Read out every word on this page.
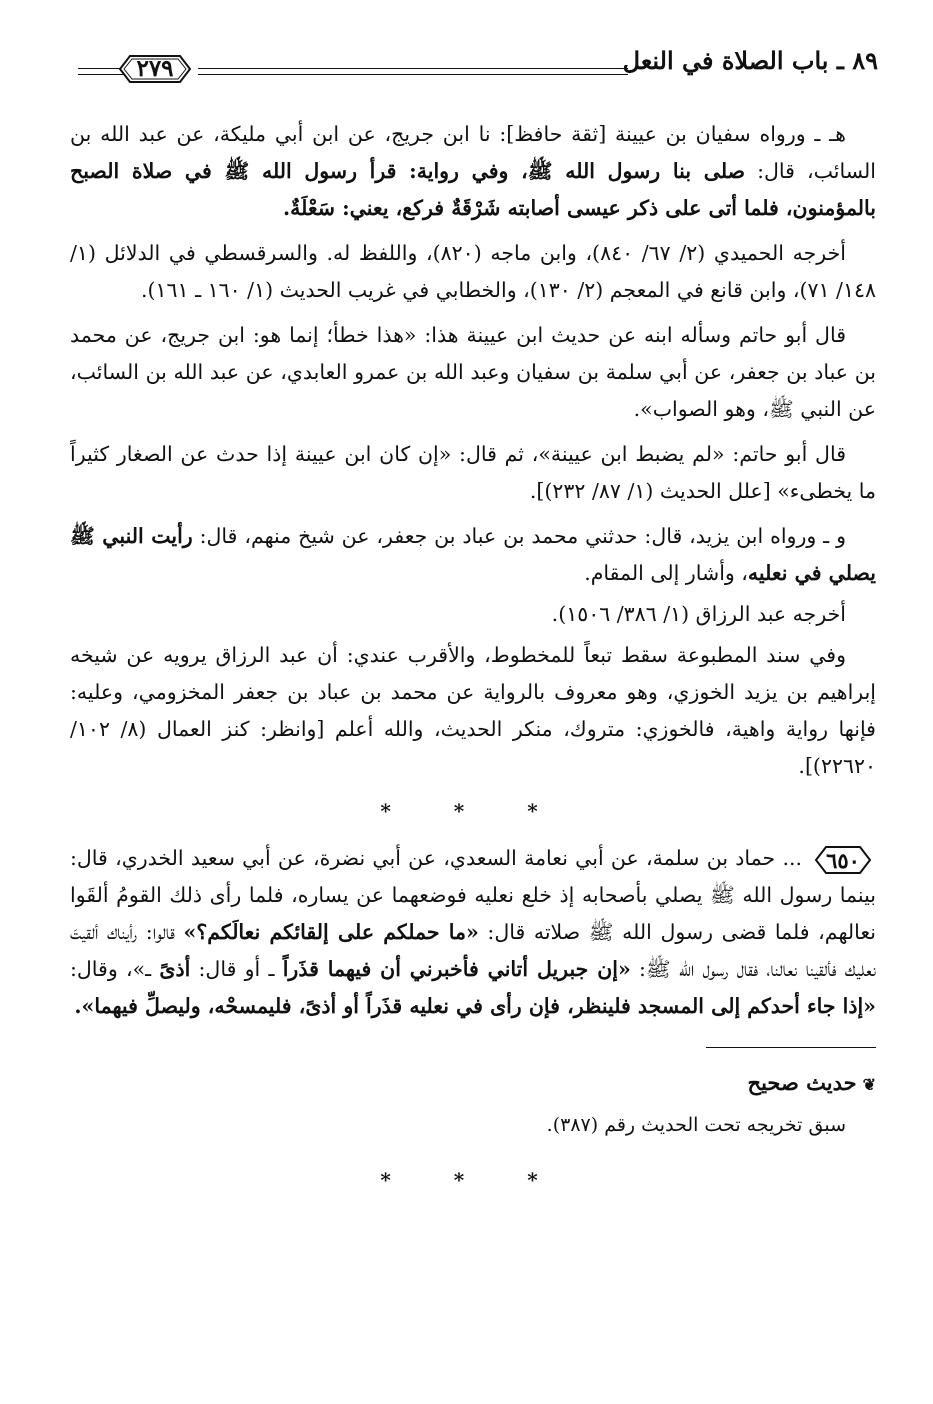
٢٧٩	٨٩ ـ باب الصلاة في النعل

هـ ـ ورواه سفيان بن عيينة [ثقة حافظ]: نا ابن جريج، عن ابن أبي مليكة، عن عبد الله بن السائب، قال: صلى بنا رسول الله ﷺ، وفي رواية: قرأ رسول الله ﷺ في صلاة الصبح بالمؤمنون، فلما أتى على ذكر عيسى أصابته شَرْقَةٌ فركع، يعني: سَعْلَةٌ.

أخرجه الحميدي (٢/ ٦٧/ ٨٤٠)، وابن ماجه (٨٢٠)، واللفظ له. والسرقسطي في الدلائل (١/ ١٤٨/ ٧١)، وابن قانع في المعجم (٢/ ١٣٠)، والخطابي في غريب الحديث (١/ ١٦٠ ـ ١٦١).

قال أبو حاتم وسأله ابنه عن حديث ابن عيينة هذا: «هذا خطأ؛ إنما هو: ابن جريج، عن محمد بن عباد بن جعفر، عن أبي سلمة بن سفيان وعبد الله بن عمرو العابدي، عن عبد الله بن السائب، عن النبي ﷺ، وهو الصواب».

قال أبو حاتم: «لم يضبط ابن عيينة»، ثم قال: «إن كان ابن عيينة إذا حدث عن الصغار كثيراً ما يخطىء» [علل الحديث (١/ ٨٧/ ٢٣٢)].

و ـ ورواه ابن يزيد، قال: حدثني محمد بن عباد بن جعفر، عن شيخ منهم، قال: رأيت النبي ﷺ يصلي في نعليه، وأشار إلى المقام.

أخرجه عبد الرزاق (١/ ٣٨٦/ ١٥٠٦).

وفي سند المطبوعة سقط تبعاً للمخطوط، والأقرب عندي: أن عبد الرزاق يرويه عن شيخه إبراهيم بن يزيد الخوزي، وهو معروف بالرواية عن محمد بن عباد بن جعفر المخزومي، وعليه: فإنها رواية واهية، فالخوزي: متروك، منكر الحديث، والله أعلم [وانظر: كنز العمال (٨/ ١٠٢/ ٢٢٦٢٠)].

* * *

٦٥٠
... حماد بن سلمة، عن أبي نعامة السعدي، عن أبي نضرة، عن أبي سعيد الخدري، قال: بينما رسول الله ﷺ يصلي بأصحابه إذ خلع نعليه فوضعهما عن يساره، فلما رأى ذلك القومُ ألقَوا نعالهم، فلما قضى رسول الله ﷺ صلاته قال: «ما حملكم على إلقائكم نعالَكم؟» قالوا: رأيناك ألقيتَ نعليك فألقينا نعالنا، فقال رسول الله ﷺ: «إن جبريل أتاني فأخبرني أن فيهما قذَراً ـ أو قال: أذىً ـ»، وقال: «إذا جاء أحدكم إلى المسجد فلينظر، فإن رأى في نعليه قذَراً أو أذىً، فليمسحْه، وليصلِّ فيهما».

❦حديث صحيح

سبق تخريجه تحت الحديث رقم (٣٨٧).

* * *
